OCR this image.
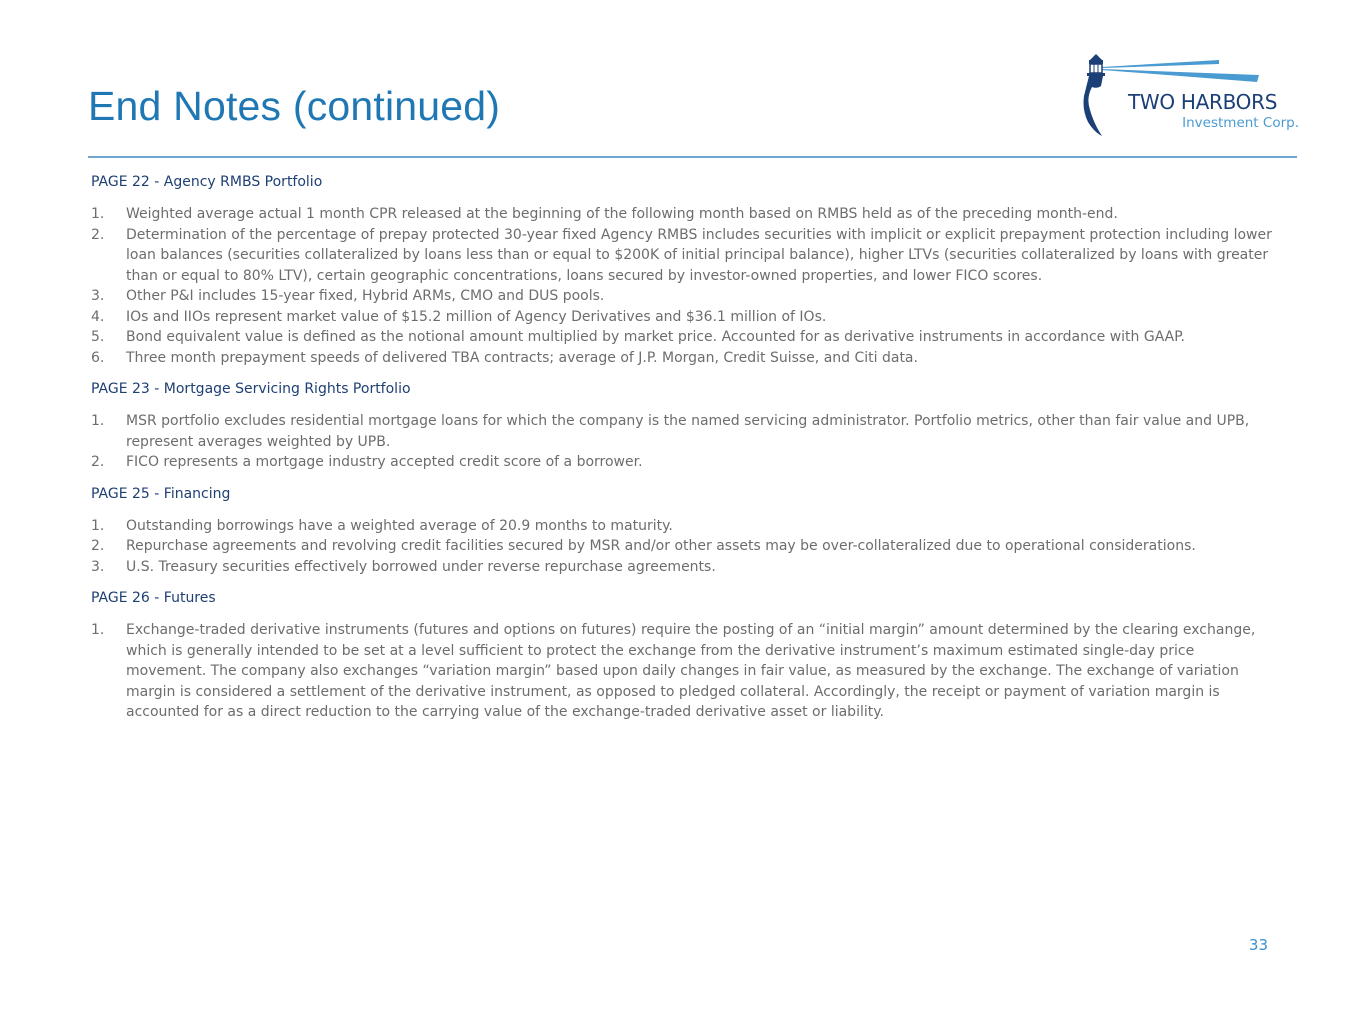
End Notes (continued)	TWO HARBORS
Investment Corp.
PAGE 22 - Agency RMBS Portfolio
1. Weighted average actual 1 month CPR released at the beginning of the following month based on RMBS held as of the preceding month-end.
2. Determination of the percentage of prepay protected 30-year fixed Agency RMBS includes securities with implicit or explicit prepayment protection including lower loan balances (securities collateralized by loans less than or equal to $200K of initial principal balance), higher LTVs (securities collateralized by loans with greater than or equal to 80% LTV), certain geographic concentrations, loans secured by investor-owned properties, and lower FICO scores.
3. Other P&I includes 15-year fixed, Hybrid ARMs, CMO and DUS pools.
4. IOs and IIOs represent market value of $15.2 million of Agency Derivatives and $36.1 million of IOs.
5. Bond equivalent value is defined as the notional amount multiplied by market price. Accounted for as derivative instruments in accordance with GAAP.
6. Three month prepayment speeds of delivered TBA contracts; average of J.P. Morgan, Credit Suisse, and Citi data.
PAGE 23 - Mortgage Servicing Rights Portfolio
1. MSR portfolio excludes residential mortgage loans for which the company is the named servicing administrator. Portfolio metrics, other than fair value and UPB, represent averages weighted by UPB.
2. FICO represents a mortgage industry accepted credit score of a borrower.
PAGE 25 - Financing
1. Outstanding borrowings have a weighted average of 20.9 months to maturity.
2. Repurchase agreements and revolving credit facilities secured by MSR and/or other assets may be over-collateralized due to operational considerations.
3. U.S. Treasury securities effectively borrowed under reverse repurchase agreements.
PAGE 26 - Futures
1. Exchange-traded derivative instruments (futures and options on futures) require the posting of an “initial margin” amount determined by the clearing exchange, which is generally intended to be set at a level sufficient to protect the exchange from the derivative instrument’s maximum estimated single-day price movement. The company also exchanges “variation margin” based upon daily changes in fair value, as measured by the exchange. The exchange of variation margin is considered a settlement of the derivative instrument, as opposed to pledged collateral. Accordingly, the receipt or payment of variation margin is accounted for as a direct reduction to the carrying value of the exchange-traded derivative asset or liability.
33
